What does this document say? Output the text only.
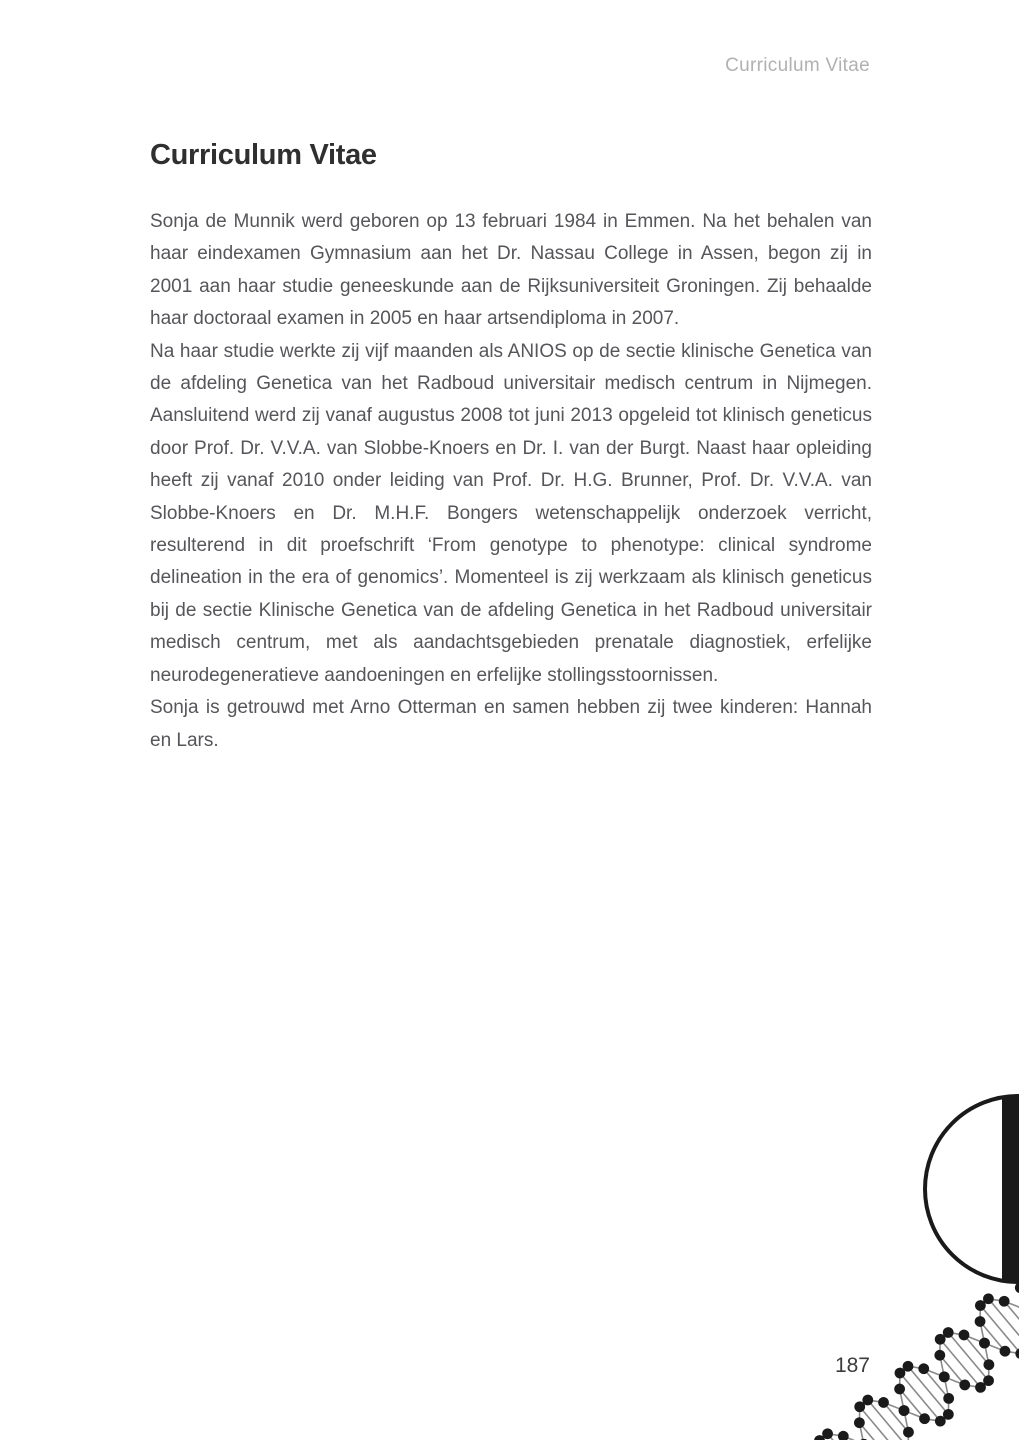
Curriculum Vitae
Curriculum Vitae

Sonja de Munnik werd geboren op 13 februari 1984 in Emmen. Na het behalen van haar eindexamen Gymnasium aan het Dr. Nassau College in Assen, begon zij in 2001 aan haar studie geneeskunde aan de Rijksuniversiteit Groningen. Zij behaalde haar doctoraal examen in 2005 en haar artsendiploma in 2007.

Na haar studie werkte zij vijf maanden als ANIOS op de sectie klinische Genetica van de afdeling Genetica van het Radboud universitair medisch centrum in Nijmegen. Aansluitend werd zij vanaf augustus 2008 tot juni 2013 opgeleid tot klinisch geneticus door Prof. Dr. V.V.A. van Slobbe-Knoers en Dr. I. van der Burgt. Naast haar opleiding heeft zij vanaf 2010 onder leiding van Prof. Dr. H.G. Brunner, Prof. Dr. V.V.A. van Slobbe-Knoers en Dr. M.H.F. Bongers wetenschappelijk onderzoek verricht, resulterend in dit proefschrift ‘From genotype to phenotype: clinical syndrome delineation in the era of genomics’. Momenteel is zij werkzaam als klinisch geneticus bij de sectie Klinische Genetica van de afdeling Genetica in het Radboud universitair medisch centrum, met als aandachtsgebieden prenatale diagnostiek, erfelijke neurodegeneratieve aandoeningen en erfelijke stollingsstoornissen.

Sonja is getrouwd met Arno Otterman en samen hebben zij twee kinderen: Hannah en Lars.

187
